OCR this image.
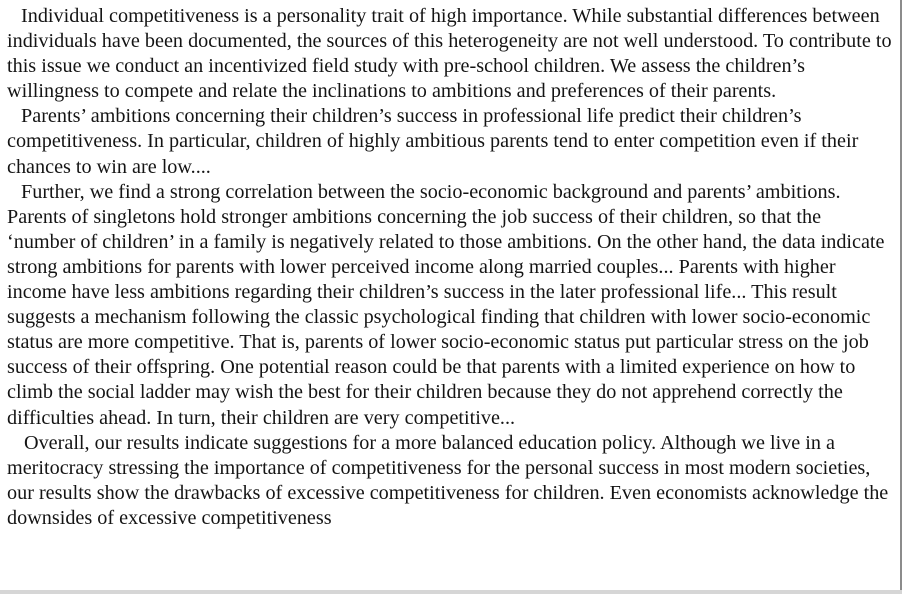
Individual competitiveness is a personality trait of high importance. While substantial differences between individuals have been documented, the sources of this heterogeneity are not well understood. To contribute to this issue we conduct an incentivized field study with pre-school children. We assess the children’s willingness to compete and relate the inclinations to ambitions and preferences of their parents.

Parents’ ambitions concerning their children’s success in professional life predict their children’s competitiveness. In particular, children of highly ambitious parents tend to enter competition even if their chances to win are low....

Further, we find a strong correlation between the socio-economic background and parents’ ambitions. Parents of singletons hold stronger ambitions concerning the job success of their children, so that the ‘number of children’ in a family is negatively related to those ambitions. On the other hand, the data indicate strong ambitions for parents with lower perceived income along married couples... Parents with higher income have less ambitions regarding their children’s success in the later professional life... This result suggests a mechanism following the classic psychological finding that children with lower socio-economic status are more competitive. That is, parents of lower socio-economic status put particular stress on the job success of their offspring. One potential reason could be that parents with a limited experience on how to climb the social ladder may wish the best for their children because they do not apprehend correctly the difficulties ahead. In turn, their children are very competitive...

Overall, our results indicate suggestions for a more balanced education policy. Although we live in a meritocracy stressing the importance of competitiveness for the personal success in most modern societies, our results show the drawbacks of excessive competitiveness for children. Even economists acknowledge the downsides of excessive competitiveness
